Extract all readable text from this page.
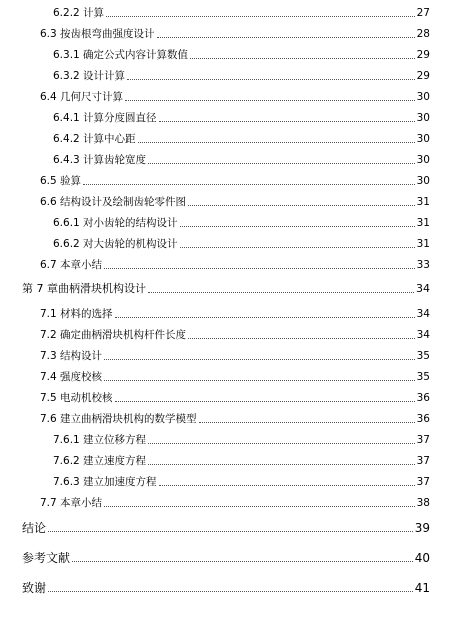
6.2.2 计算	27
6.3 按齿根弯曲强度设计	28
6.3.1 确定公式内容计算数值	29
6.3.2 设计计算	29
6.4 几何尺寸计算	30
6.4.1 计算分度圆直径	30
6.4.2 计算中心距	30
6.4.3 计算齿轮宽度	30
6.5 验算	30
6.6 结构设计及绘制齿轮零件图	31
6.6.1 对小齿轮的结构设计	31
6.6.2 对大齿轮的机构设计	31
6.7 本章小结	33
第 7 章曲柄滑块机构设计	34
7.1 材料的选择	34
7.2 确定曲柄滑块机构杆件长度	34
7.3 结构设计	35
7.4 强度校核	35
7.5 电动机校核	36
7.6 建立曲柄滑块机构的数学模型	36
7.6.1 建立位移方程	37
7.6.2 建立速度方程	37
7.6.3 建立加速度方程	37
7.7 本章小结	38
结论	39
参考文献	40
致谢	41
